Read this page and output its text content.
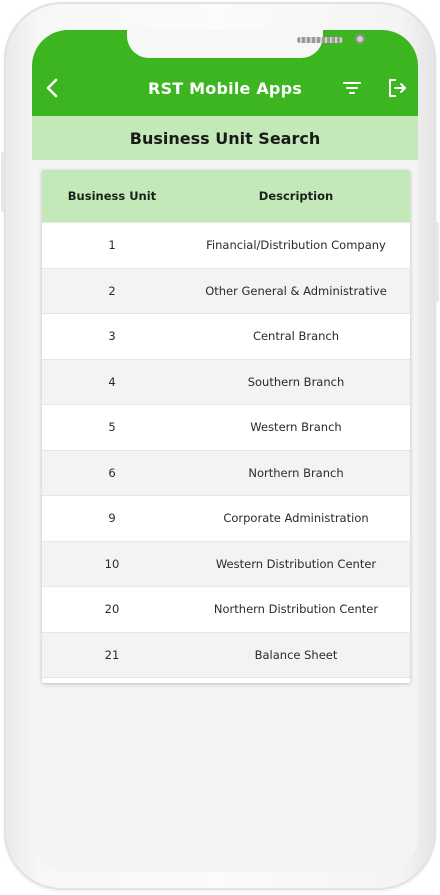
RST Mobile Apps
Business Unit Search
Business Unit	Description
1	Financial/Distribution Company
2	Other General & Administrative
3	Central Branch
4	Southern Branch
5	Western Branch
6	Northern Branch
9	Corporate Administration
10	Western Distribution Center
20	Northern Distribution Center
21	Balance Sheet
